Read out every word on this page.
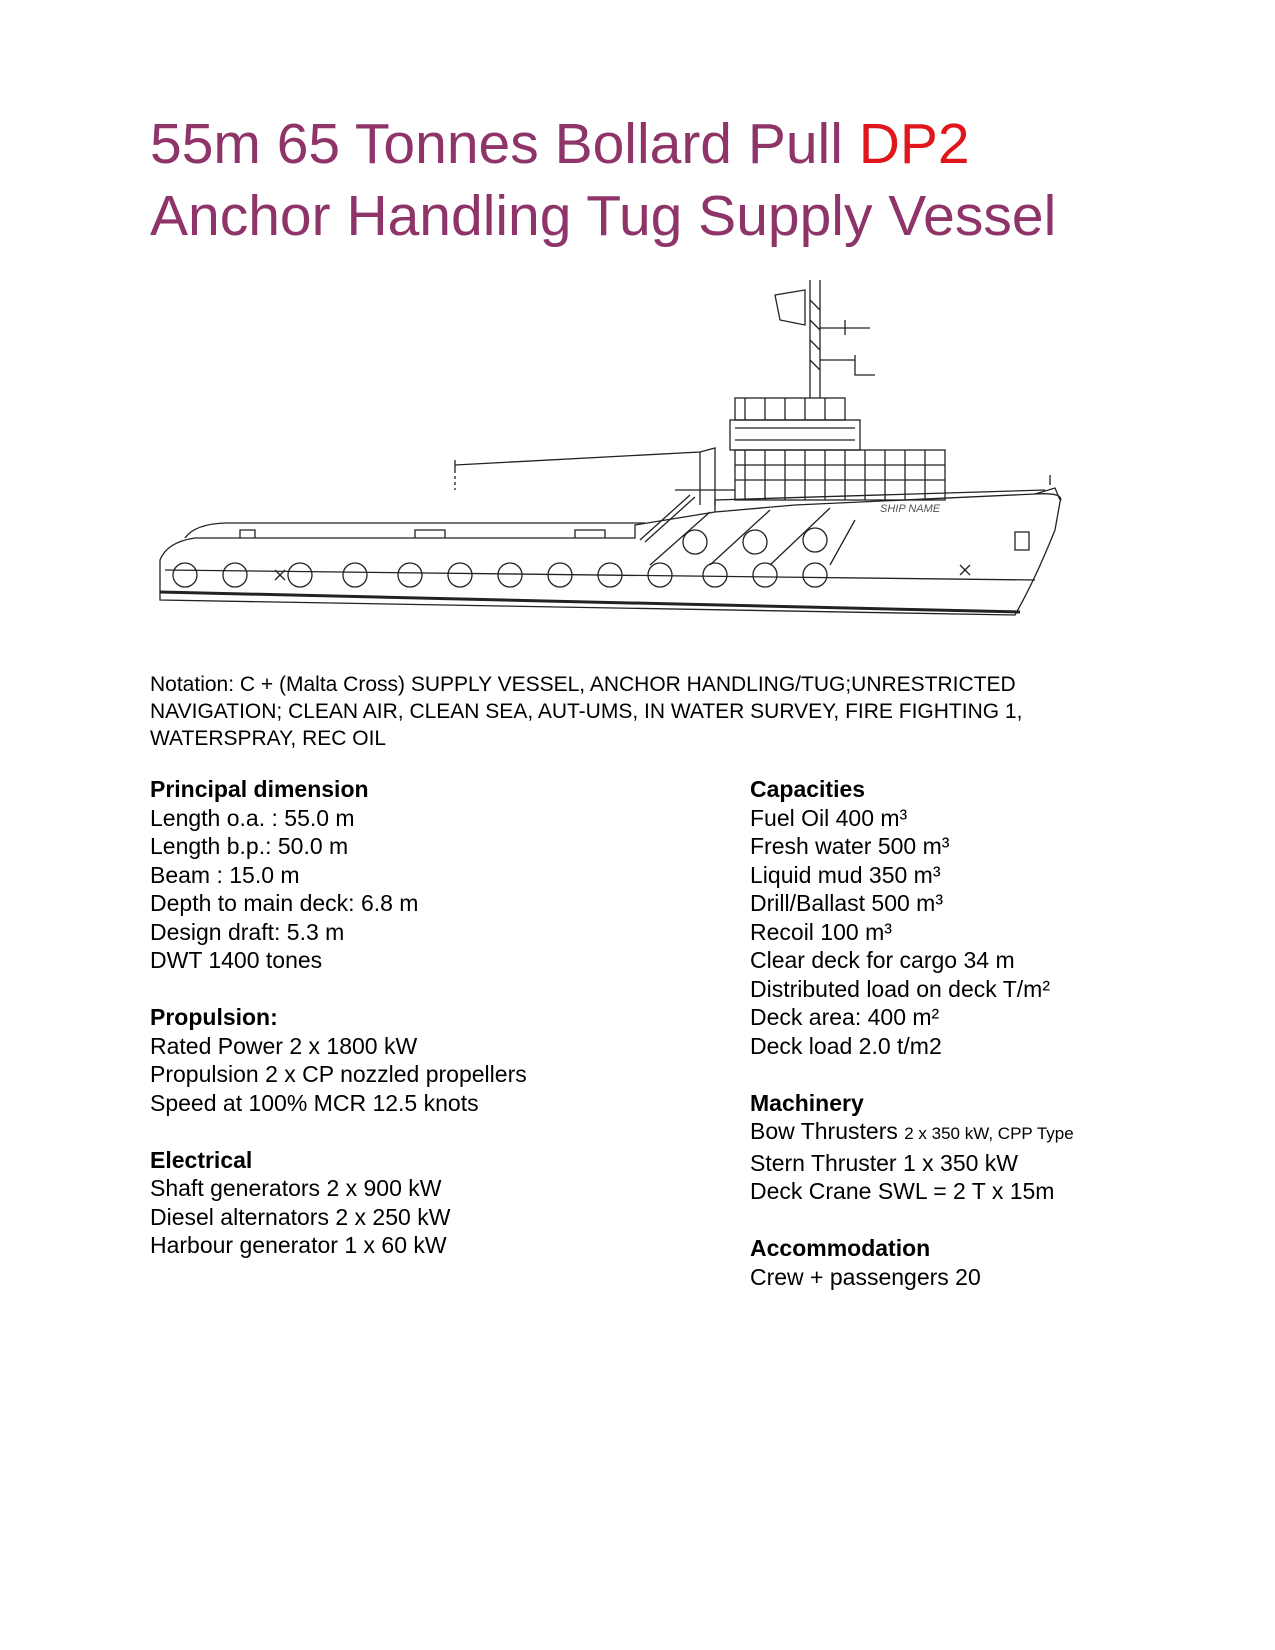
55m 65 Tonnes Bollard Pull DP2
Anchor Handling Tug Supply Vessel
SHIP NAME

Notation: C + (Malta Cross) SUPPLY VESSEL, ANCHOR HANDLING/TUG;UNRESTRICTED NAVIGATION; CLEAN AIR, CLEAN SEA, AUT-UMS, IN WATER SURVEY, FIRE FIGHTING 1, WATERSPRAY, REC OIL

Principal dimension
Length o.a. : 55.0 m
Length b.p.: 50.0 m
Beam : 15.0 m
Depth to main deck: 6.8 m
Design draft: 5.3 m
DWT 1400 tones
Propulsion:
Rated Power 2 x 1800 kW
Propulsion 2 x CP nozzled propellers
Speed at 100% MCR 12.5 knots
Electrical
Shaft generators 2 x 900 kW
Diesel alternators 2 x 250 kW
Harbour generator 1 x 60 kW
Capacities
Fuel Oil 400 m³
Fresh water 500 m³
Liquid mud 350 m³
Drill/Ballast 500 m³
Recoil 100 m³
Clear deck for cargo 34 m
Distributed load on deck T/m²
Deck area: 400 m²
Deck load 2.0 t/m2
Machinery
Bow Thrusters 2 x 350 kW, CPP Type
Stern Thruster 1 x 350 kW
Deck Crane SWL = 2 T x 15m
Accommodation
Crew + passengers 20
